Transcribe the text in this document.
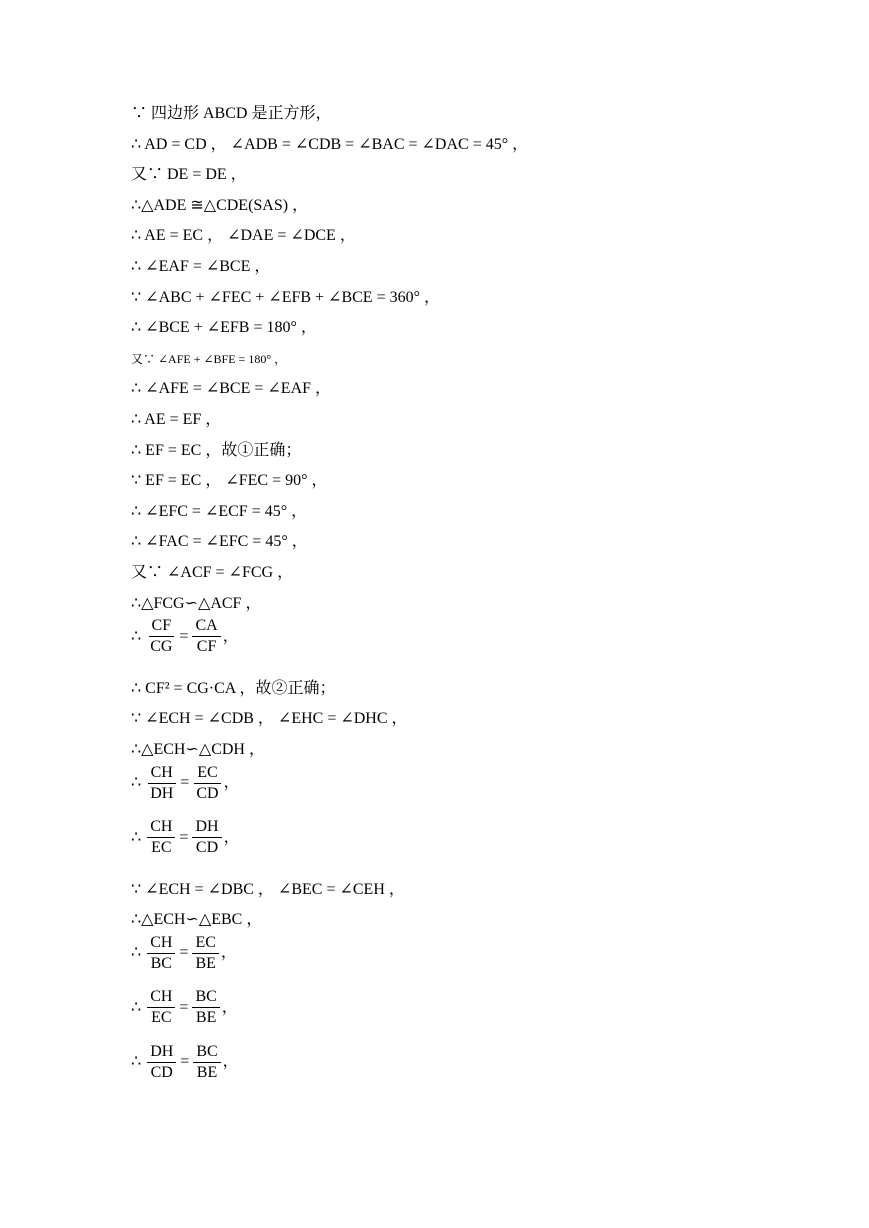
∵ 四边形 ABCD 是正方形，
∴ AD = CD ， ∠ADB = ∠CDB = ∠BAC = ∠DAC = 45° ，
又∵ DE = DE ，
∴△ADE ≅△CDE(SAS) ，
∴ AE = EC ， ∠DAE = ∠DCE ，
∴ ∠EAF = ∠BCE ，
∵ ∠ABC + ∠FEC + ∠EFB + ∠BCE = 360° ，
∴ ∠BCE + ∠EFB = 180° ，
又∵ ∠AFE + ∠BFE = 180° ，
∴ ∠AFE = ∠BCE = ∠EAF ，
∴ AE = EF ，
∴ EF = EC ，故①正确；
∵ EF = EC ， ∠FEC = 90° ，
∴ ∠EFC = ∠ECF = 45° ，
∴ ∠FAC = ∠EFC = 45° ，
又∵ ∠ACF = ∠FCG ，
∴△FCG∽△ACF ，
∴ $\frac{CF}{CG} = \frac{CA}{CF}$ ，
∴ CF² = CG·CA ，故②正确；
∵ ∠ECH = ∠CDB ， ∠EHC = ∠DHC ，
∴△ECH∽△CDH ，
∴ $\frac{CH}{DH} = \frac{EC}{CD}$ ，
∴ $\frac{CH}{EC} = \frac{DH}{CD}$ ，
∵ ∠ECH = ∠DBC ， ∠BEC = ∠CEH ，
∴△ECH∽△EBC ，
∴ $\frac{CH}{BC} = \frac{EC}{BE}$ ，
∴ $\frac{CH}{EC} = \frac{BC}{BE}$ ，
∴ $\frac{DH}{CD} = \frac{BC}{BE}$ ，
